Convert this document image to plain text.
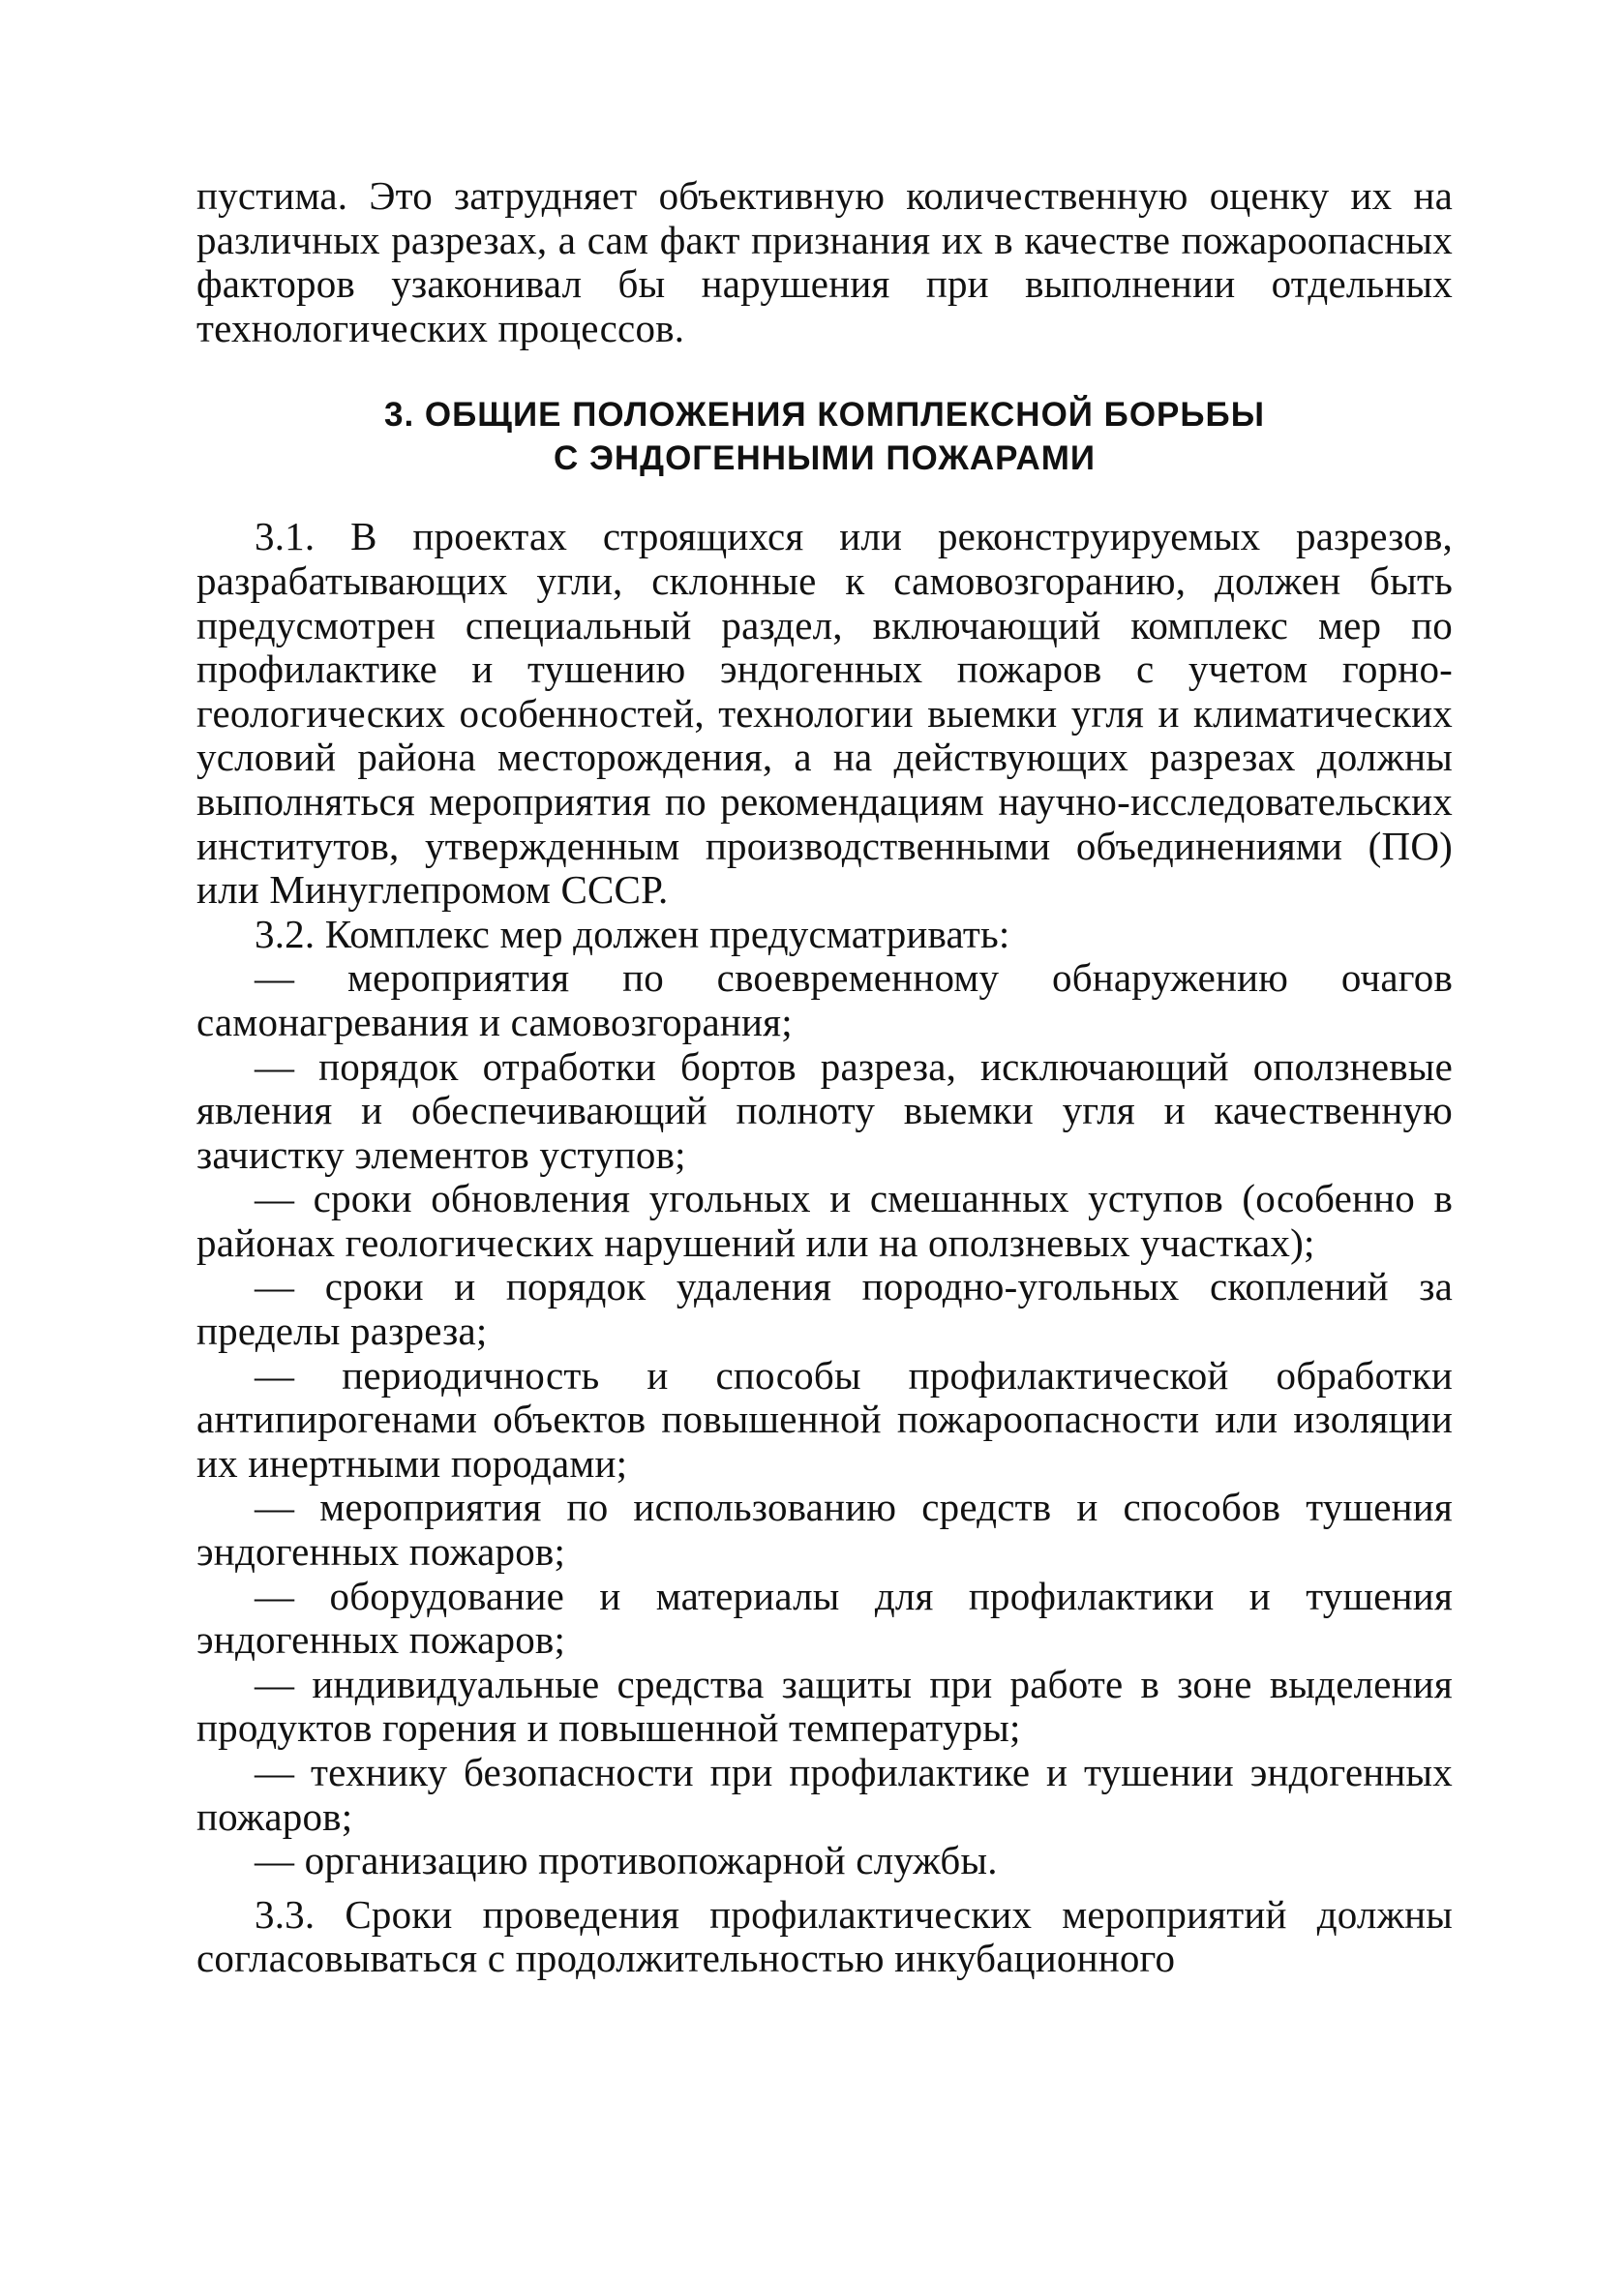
пустима. Это затрудняет объективную количественную оценку их на различных разрезах, а сам факт признания их в качестве пожароопасных факторов узаконивал бы нарушения при выполнении отдельных технологических процессов.

3. ОБЩИЕ ПОЛОЖЕНИЯ КОМПЛЕКСНОЙ БОРЬБЫ

С ЭНДОГЕННЫМИ ПОЖАРАМИ

3.1. В проектах строящихся или реконструируемых разрезов, разрабатывающих угли, склонные к самовозгоранию, должен быть предусмотрен специальный раздел, включающий комплекс мер по профилактике и тушению эндогенных пожаров с учетом горно-геологических особенностей, технологии выемки угля и климатических условий района месторождения, а на действующих разрезах должны выполняться мероприятия по рекомендациям научно-исследовательских институтов, утвержденным производственными объединениями (ПО) или Минуглепромом СССР.

3.2. Комплекс мер должен предусматривать:

— мероприятия по своевременному обнаружению очагов самонагревания и самовозгорания;

— порядок отработки бортов разреза, исключающий оползневые явления и обеспечивающий полноту выемки угля и качественную зачистку элементов уступов;

— сроки обновления угольных и смешанных уступов (особенно в районах геологических нарушений или на оползневых участках);

— сроки и порядок удаления породно-угольных скоплений за пределы разреза;

— периодичность и способы профилактической обработки антипирогенами объектов повышенной пожароопасности или изоляции их инертными породами;

— мероприятия по использованию средств и способов тушения эндогенных пожаров;

— оборудование и материалы для профилактики и тушения эндогенных пожаров;

— индивидуальные средства защиты при работе в зоне выделения продуктов горения и повышенной температуры;

— технику безопасности при профилактике и тушении эндогенных пожаров;

— организацию противопожарной службы.

3.3. Сроки проведения профилактических мероприятий должны согласовываться с продолжительностью инкубационного
